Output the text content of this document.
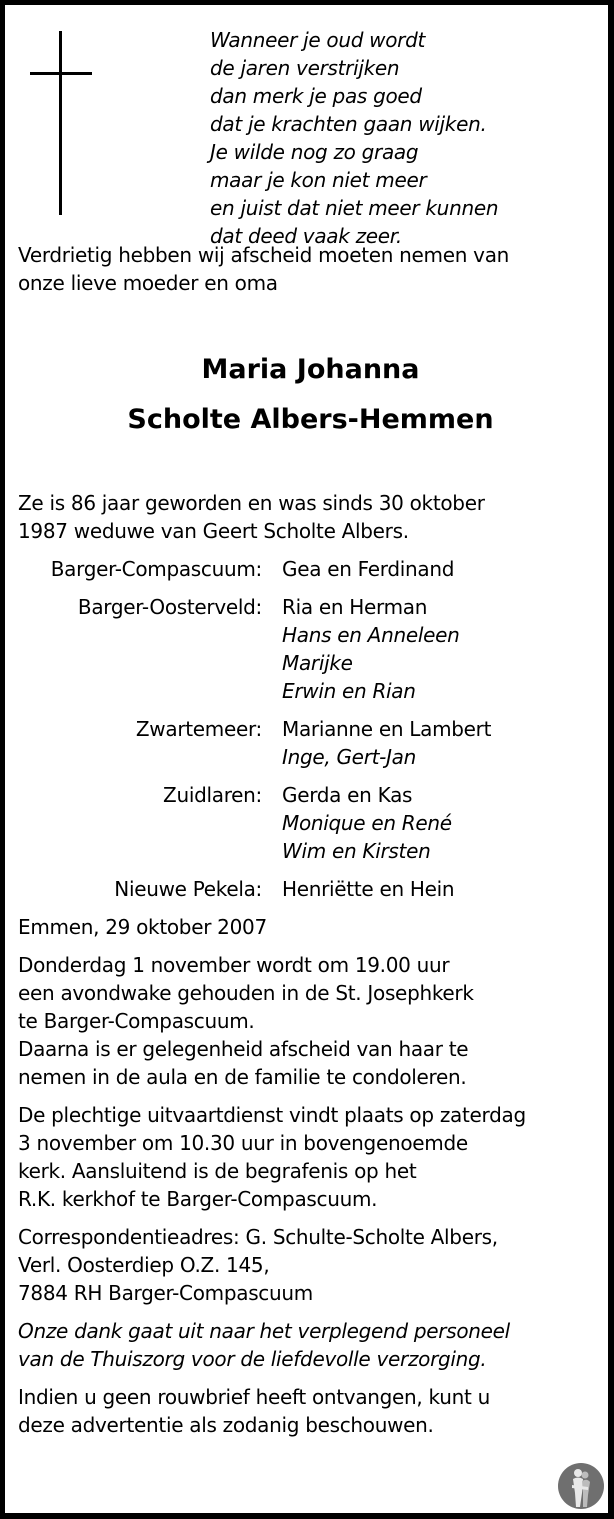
Wanneer je oud wordt
de jaren verstrijken
dan merk je pas goed
dat je krachten gaan wijken.
Je wilde nog zo graag
maar je kon niet meer
en juist dat niet meer kunnen
dat deed vaak zeer.

Verdrietig hebben wij afscheid moeten nemen van
onze lieve moeder en oma

Maria Johanna
Scholte Albers-Hemmen

Ze is 86 jaar geworden en was sinds 30 oktober
1987 weduwe van Geert Scholte Albers.

Barger-Compascuum:	Gea en Ferdinand
Barger-Oosterveld:	Ria en Herman
Hans en Anneleen
Marijke
Erwin en Rian
Zwartemeer:	Marianne en Lambert
Inge, Gert-Jan
Zuidlaren:	Gerda en Kas
Monique en René
Wim en Kirsten
Nieuwe Pekela:	Henriëtte en Hein

Emmen, 29 oktober 2007

Donderdag 1 november wordt om 19.00 uur
een avondwake gehouden in de St. Josephkerk
te Barger-Compascuum.
Daarna is er gelegenheid afscheid van haar te
nemen in de aula en de familie te condoleren.

De plechtige uitvaartdienst vindt plaats op zaterdag
3 november om 10.30 uur in bovengenoemde
kerk. Aansluitend is de begrafenis op het
R.K. kerkhof te Barger-Compascuum.

Correspondentieadres: G. Schulte-Scholte Albers,
Verl. Oosterdiep O.Z. 145,
7884 RH Barger-Compascuum

Onze dank gaat uit naar het verplegend personeel
van de Thuiszorg voor de liefdevolle verzorging.

Indien u geen rouwbrief heeft ontvangen, kunt u
deze advertentie als zodanig beschouwen.
